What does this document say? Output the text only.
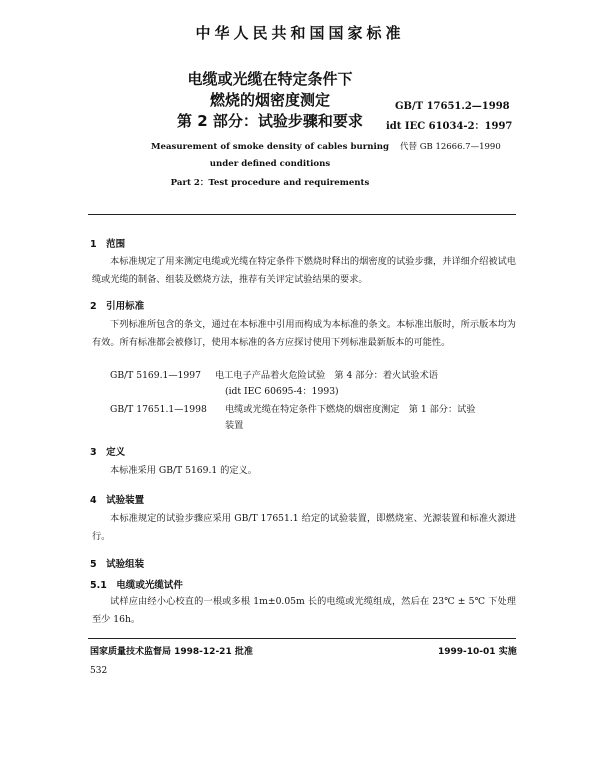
中华人民共和国国家标准
电缆或光缆在特定条件下
燃烧的烟密度测定
第 2 部分：试验步骤和要求
GB/T 17651.2—1998
idt IEC 61034-2：1997
代替 GB 12666.7—1990
Measurement of smoke density of cables burning
under defined conditions
Part 2：Test procedure and requirements
1　范围
本标准规定了用来测定电缆或光缆在特定条件下燃烧时释出的烟密度的试验步骤，并详细介绍被试电缆或光缆的制备、组装及燃烧方法，推荐有关评定试验结果的要求。
2　引用标准
下列标准所包含的条文，通过在本标准中引用而构成为本标准的条文。本标准出版时，所示版本均为有效。所有标准都会被修订，使用本标准的各方应探讨使用下列标准最新版本的可能性。
GB/T 5169.1—1997 电工电子产品着火危险试验　第 4 部分：着火试验术语
(idt IEC 60695-4：1993)
GB/T 17651.1—1998 电缆或光缆在特定条件下燃烧的烟密度测定　第 1 部分：试验
装置
3　定义
本标准采用 GB/T 5169.1 的定义。
4　试验装置
本标准规定的试验步骤应采用 GB/T 17651.1 给定的试验装置，即燃烧室、光源装置和标准火源进行。
5　试验组装
5.1　电缆或光缆试件
试样应由经小心校直的一根或多根 1m±0.05m 长的电缆或光缆组成，然后在 23℃ ± 5℃ 下处理至少 16h。
国家质量技术监督局 1998-12-21 批准	1999-10-01 实施
532
